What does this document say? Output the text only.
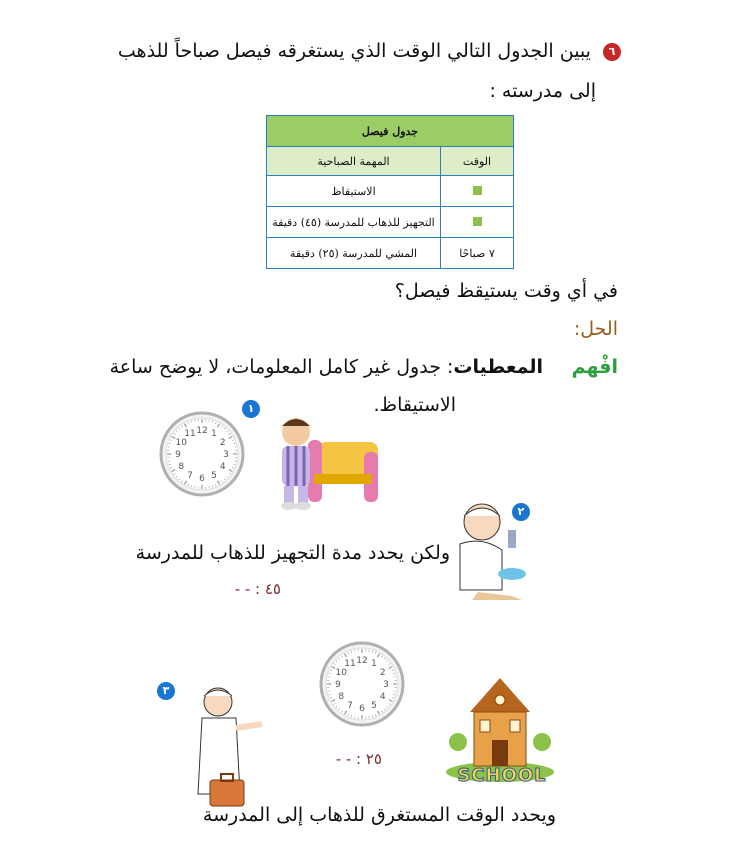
٦ يبين الجدول التالي الوقت الذي يستغرقه فيصل صباحاً للذهب
إلى مدرسته :
جدول فيصل	
الوقت	المهمة الصباحية
	الاستيقاظ
	التجهيز للذهاب للمدرسة (٤٥) دقيقة
٧ صباحًا	المشي للمدرسة (٢٥) دقيقة
في أي وقت يستيقظ فيصل؟
الحل:
افْهم
المعطيات: جدول غير كامل المعلومات، لا يوضح ساعة
الاستيقاظ.
١
12 1
2
3
4
5
6
7
8
9
10
11
٢
ولكن يحدد مدة التجهيز للذهاب للمدرسة
٤٥ : - -
12 1
2
3
4
5
6
7
8
9
10
11
٢٥ : - -
٣
SCHOOL
ويحدد الوقت المستغرق للذهاب إلى المدرسة
